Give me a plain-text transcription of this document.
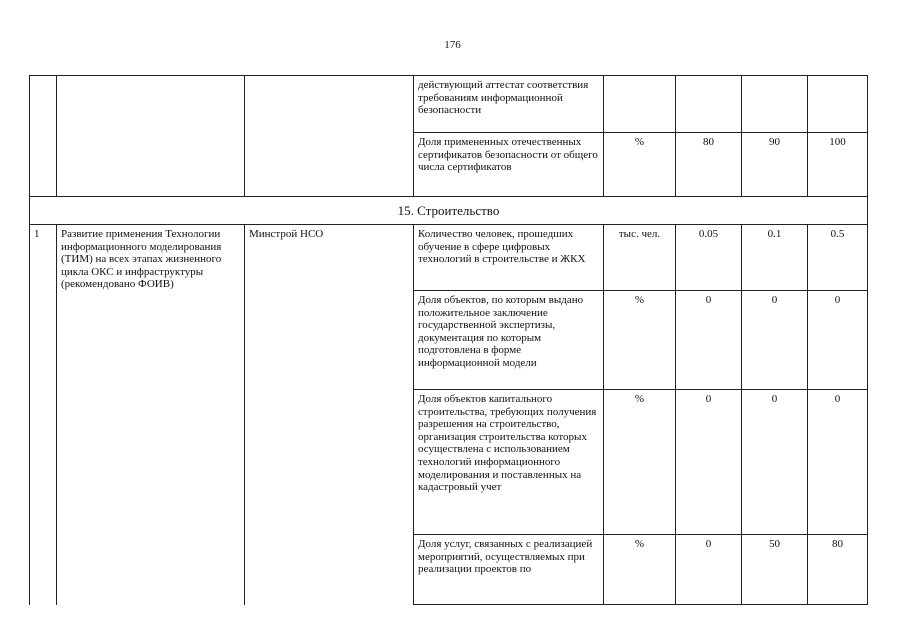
176
			действующий аттестат соответствия требованиям информационной безопасности				
			Доля примененных отечественных сертификатов безопасности от общего числа сертификатов	%	80	90	100
15. Строительство							
1	Развитие применения Технологии информационного моделирования (ТИМ) на всех этапах жизненного цикла ОКС и инфраструктуры (рекомендовано ФОИВ)	Минстрой НСО	Количество человек, прошедших обучение в сфере цифровых технологий в строительстве и ЖКХ	тыс. чел.	0.05	0.1	0.5
			Доля объектов, по которым выдано положительное заключение государственной экспертизы, документация по которым подготовлена в форме информационной модели	%	0	0	0
			Доля объектов капитального строительства, требующих получения разрешения на строительство, организация строительства которых осуществлена с использованием технологий информационного моделирования и поставленных на кадастровый учет	%	0	0	0
			Доля услуг, связанных с реализацией мероприятий, осуществляемых при реализации проектов по	%	0	50	80
